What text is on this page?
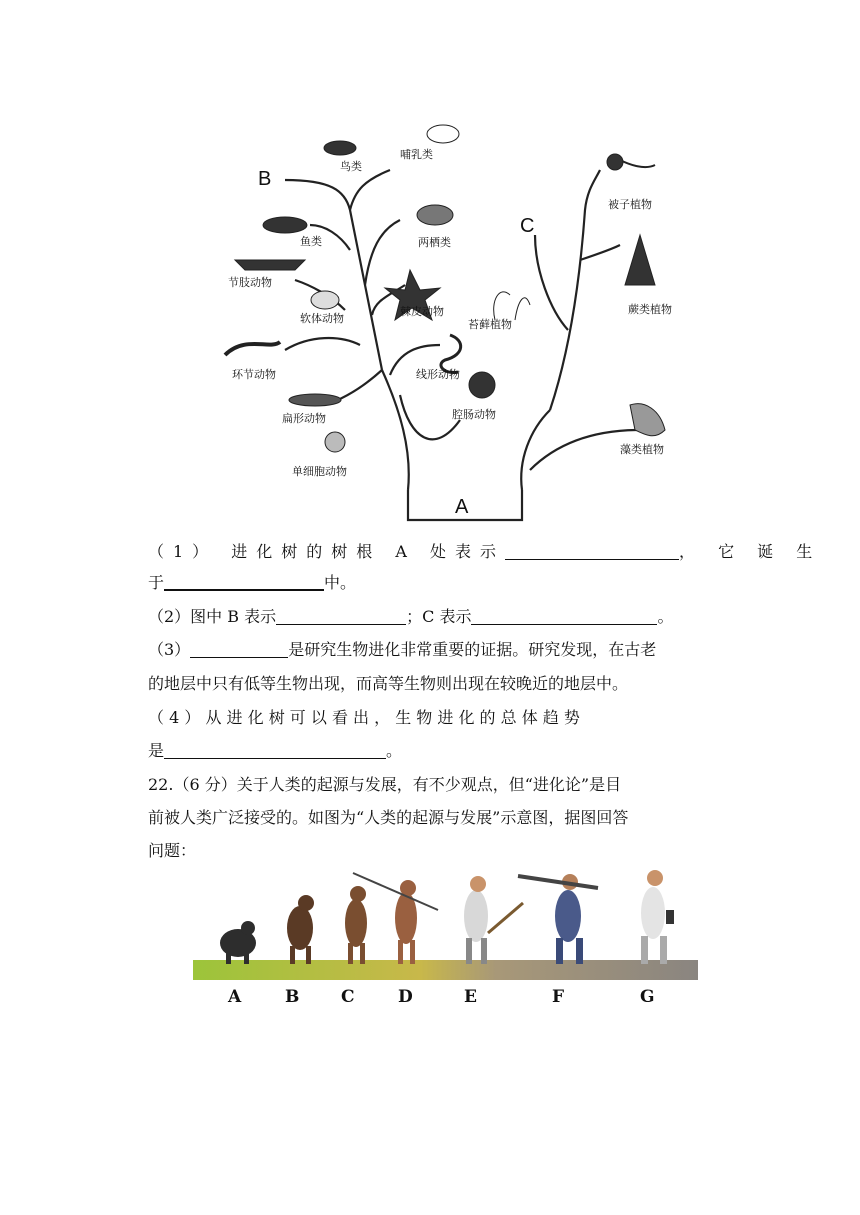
B
C
A
鸟类
哺乳类
鱼类	两栖类
节肢动物
软体动物
棘皮动物
苔藓植物
环节动物	线形动物
扁形动物	腔肠动物
单细胞动物
被子植物
蕨类植物
藻类植物
（1） 进化树的树根 A 处表示	， 它 诞 生
于	中。
（2）图中 B 表示	；C 表示	。
（3）	是研究生物进化非常重要的证据。研究发现，在古老
的地层中只有低等生物出现，而高等生物则出现在较晚近的地层中。
（ 4 ） 从 进 化 树 可 以 看 出 ， 生 物 进 化 的 总 体 趋 势
是	。
22.（6 分）关于人类的起源与发展，有不少观点，但“进化论”是目
前被人类广泛接受的。如图为“人类的起源与发展”示意图，据图回答
问题：
A	B C	D	E	F	G
